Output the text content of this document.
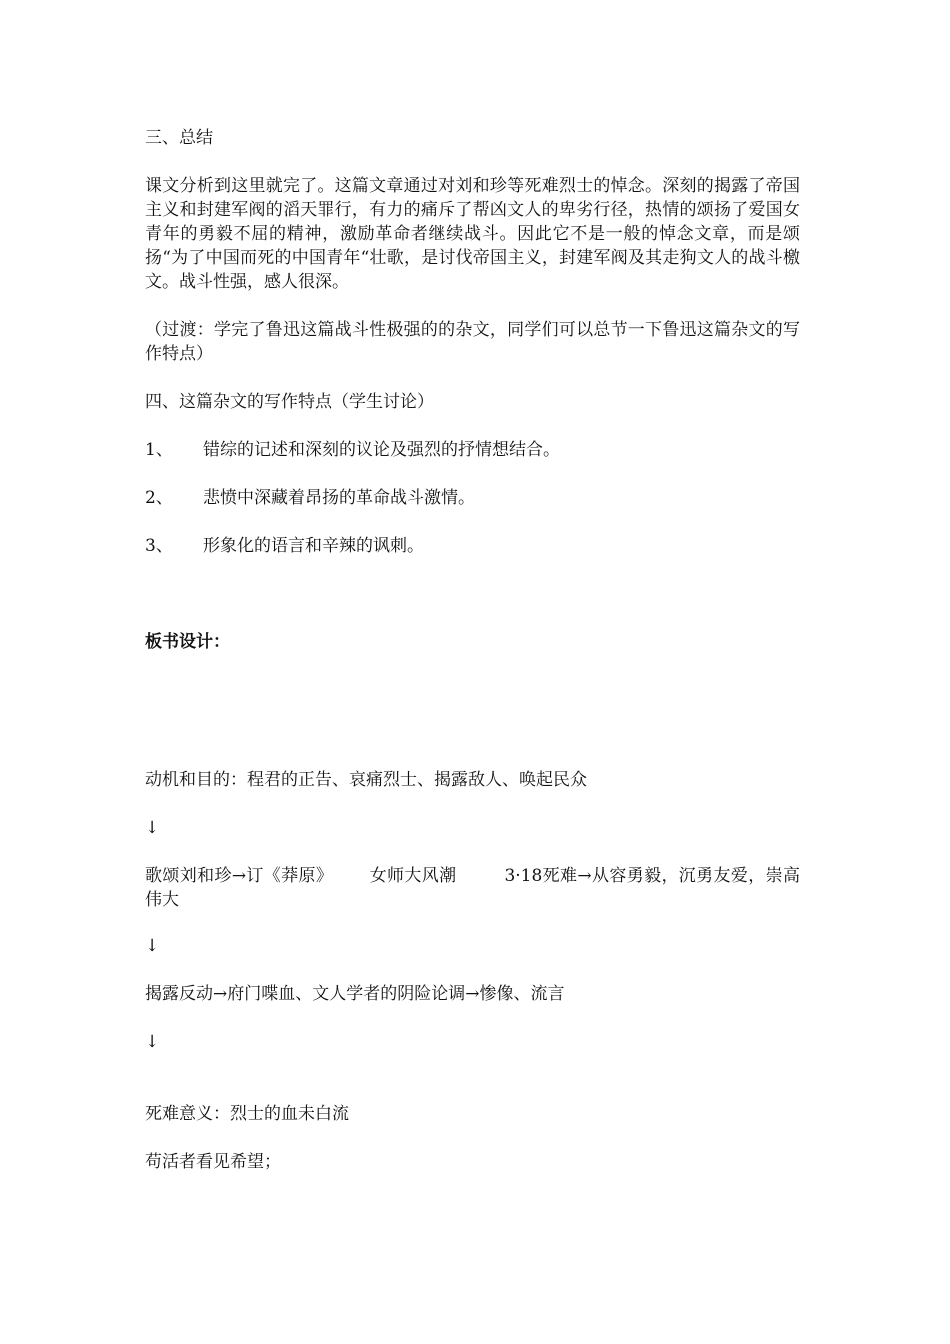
三、总结
课文分析到这里就完了。这篇文章通过对刘和珍等死难烈士的悼念。深刻的揭露了帝国主义和封建军阀的滔天罪行，有力的痛斥了帮凶文人的卑劣行径，热情的颂扬了爱国女青年的勇毅不屈的精神，激励革命者继续战斗。因此它不是一般的悼念文章，而是颂扬“为了中国而死的中国青年“壮歌，是讨伐帝国主义，封建军阀及其走狗文人的战斗檄文。战斗性强，感人很深。
（过渡：学完了鲁迅这篇战斗性极强的的杂文，同学们可以总节一下鲁迅这篇杂文的写作特点）
四、这篇杂文的写作特点（学生讨论）
1、 错综的记述和深刻的议论及强烈的抒情想结合。
2、 悲愤中深藏着昂扬的革命战斗激情。
3、 形象化的语言和辛辣的讽刺。
板书设计：
动机和目的：程君的正告、哀痛烈士、揭露敌人、唤起民众
↓
歌颂刘和珍→订《莽原》 女师大风潮	3·18死难→从容勇毅，沉勇友爱，崇高伟大
↓
揭露反动→府门喋血、文人学者的阴险论调→惨像、流言
↓
死难意义：烈士的血未白流
苟活者看见希望；
